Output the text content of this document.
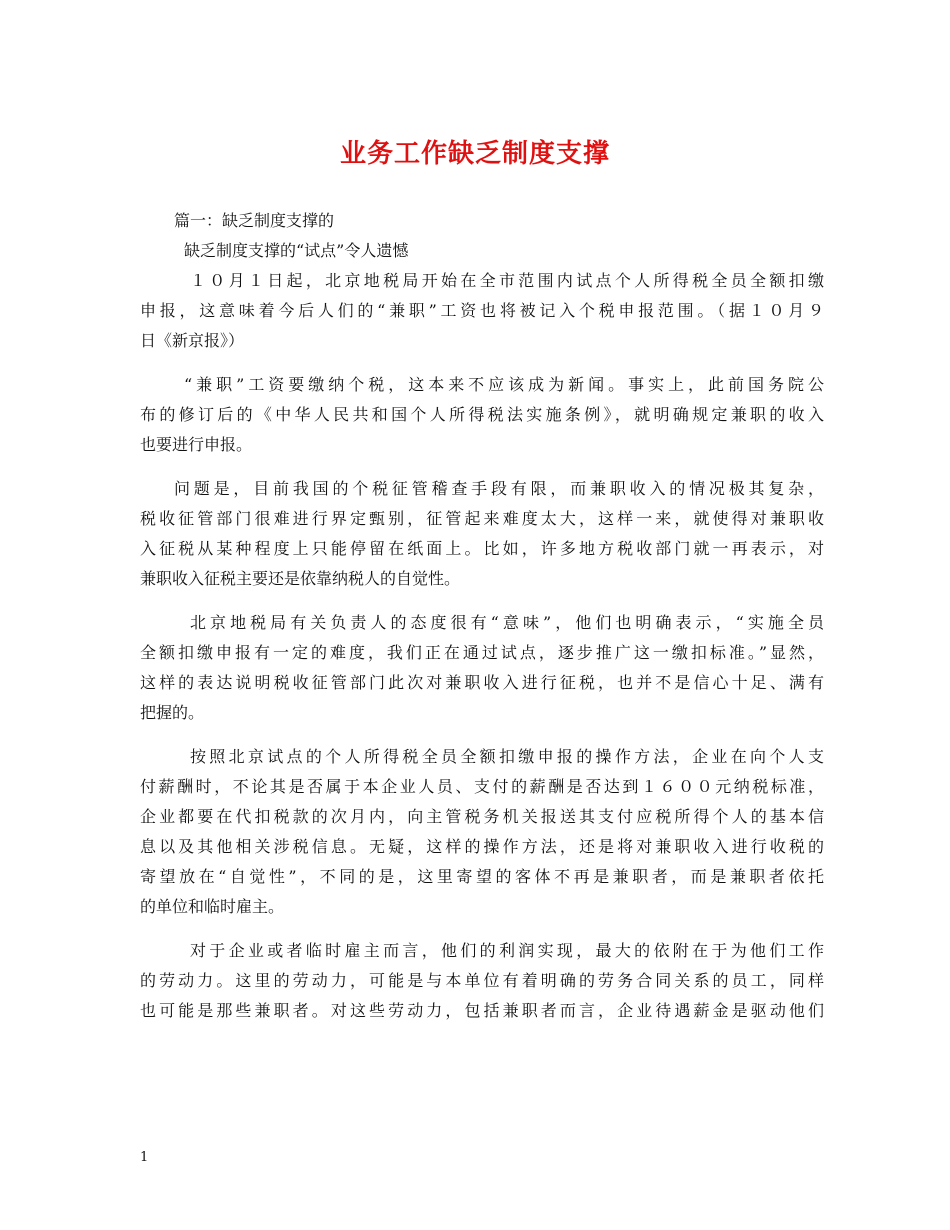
业务工作缺乏制度支撑
篇一：缺乏制度支撑的
缺乏制度支撑的“试点”令人遗憾
１０月１日起，北京地税局开始在全市范围内试点个人所得税全员全额扣缴
申报，这意味着今后人们的“兼职”工资也将被记入个税申报范围。（据１０月９
日《新京报》）
“兼职”工资要缴纳个税，这本来不应该成为新闻。事实上，此前国务院公
布的修订后的《中华人民共和国个人所得税法实施条例》，就明确规定兼职的收入
也要进行申报。
问题是，目前我国的个税征管稽查手段有限，而兼职收入的情况极其复杂，
税收征管部门很难进行界定甄别，征管起来难度太大，这样一来，就使得对兼职收
入征税从某种程度上只能停留在纸面上。比如，许多地方税收部门就一再表示，对
兼职收入征税主要还是依靠纳税人的自觉性。
北京地税局有关负责人的态度很有“意味”，他们也明确表示，“实施全员
全额扣缴申报有一定的难度，我们正在通过试点，逐步推广这一缴扣标准。”显然，
这样的表达说明税收征管部门此次对兼职收入进行征税，也并不是信心十足、满有
把握的。
按照北京试点的个人所得税全员全额扣缴申报的操作方法，企业在向个人支
付薪酬时，不论其是否属于本企业人员、支付的薪酬是否达到１６００元纳税标准，
企业都要在代扣税款的次月内，向主管税务机关报送其支付应税所得个人的基本信
息以及其他相关涉税信息。无疑，这样的操作方法，还是将对兼职收入进行收税的
寄望放在“自觉性”，不同的是，这里寄望的客体不再是兼职者，而是兼职者依托
的单位和临时雇主。
对于企业或者临时雇主而言，他们的利润实现，最大的依附在于为他们工作
的劳动力。这里的劳动力，可能是与本单位有着明确的劳务合同关系的员工，同样
也可能是那些兼职者。对这些劳动力，包括兼职者而言，企业待遇薪金是驱动他们
1
